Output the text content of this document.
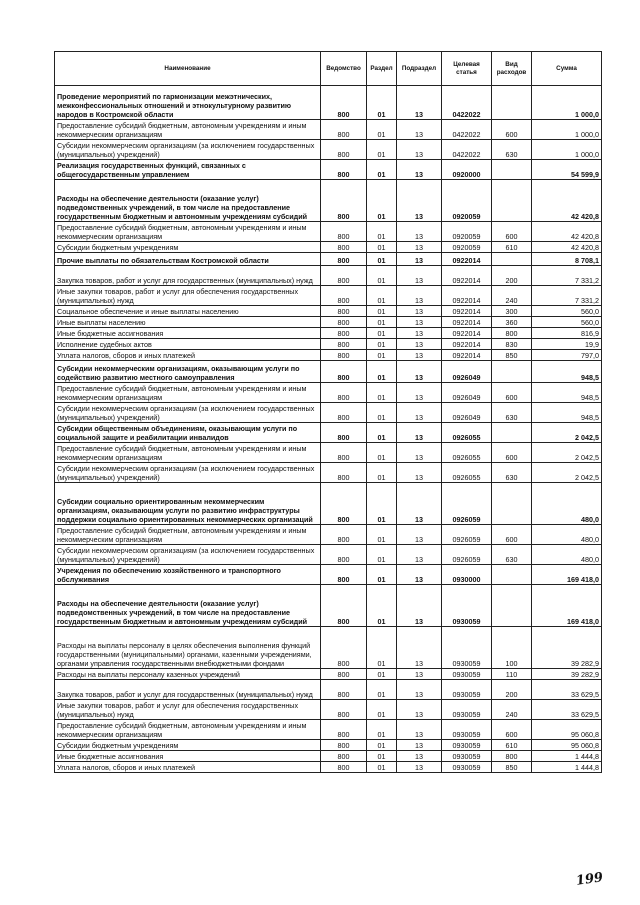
Наименование	Ведомство	Раздел	Подраздел	Целевая статья	Вид расходов	Сумма
Проведение мероприятий по гармонизации межэтнических, межконфессиональных отношений и этнокультурному развитию народов в Костромской области	800	01	13	0422022		1 000,0
Предоставление субсидий бюджетным, автономным учреждениям и иным некоммерческим организациям	800	01	13	0422022	600	1 000,0
Субсидии некоммерческим организациям (за исключением государственных (муниципальных) учреждений)	800	01	13	0422022	630	1 000,0
Реализация государственных функций, связанных с общегосударственным управлением	800	01	13	0920000		54 599,9
Расходы на обеспечение деятельности (оказание услуг) подведомственных учреждений, в том числе на предоставление государственным бюджетным и автономным учреждениям субсидий	800	01	13	0920059		42 420,8
Предоставление субсидий бюджетным, автономным учреждениям и иным некоммерческим организациям	800	01	13	0920059	600	42 420,8
Субсидии бюджетным учреждениям	800	01	13	0920059	610	42 420,8
Прочие выплаты по обязательствам Костромской области	800	01	13	0922014		8 708,1
Закупка товаров, работ и услуг для государственных (муниципальных) нужд	800	01	13	0922014	200	7 331,2
Иные закупки товаров, работ и услуг для обеспечения государственных (муниципальных) нужд	800	01	13	0922014	240	7 331,2
Социальное обеспечение и иные выплаты населению	800	01	13	0922014	300	560,0
Иные выплаты населению	800	01	13	0922014	360	560,0
Иные бюджетные ассигнования	800	01	13	0922014	800	816,9
Исполнение судебных актов	800	01	13	0922014	830	19,9
Уплата налогов, сборов и иных платежей	800	01	13	0922014	850	797,0
Субсидии некоммерческим организациям, оказывающим услуги по содействию развитию местного самоуправления	800	01	13	0926049		948,5
Предоставление субсидий бюджетным, автономным учреждениям и иным некоммерческим организациям	800	01	13	0926049	600	948,5
Субсидии некоммерческим организациям (за исключением государственных (муниципальных) учреждений)	800	01	13	0926049	630	948,5
Субсидии общественным объединениям, оказывающим услуги по социальной защите и реабилитации инвалидов	800	01	13	0926055		2 042,5
Предоставление субсидий бюджетным, автономным учреждениям и иным некоммерческим организациям	800	01	13	0926055	600	2 042,5
Субсидии некоммерческим организациям (за исключением государственных (муниципальных) учреждений)	800	01	13	0926055	630	2 042,5
Субсидии социально ориентированным некоммерческим организациям, оказывающим услуги по развитию инфраструктуры поддержки социально ориентированных некоммерческих организаций	800	01	13	0926059		480,0
Предоставление субсидий бюджетным, автономным учреждениям и иным некоммерческим организациям	800	01	13	0926059	600	480,0
Субсидии некоммерческим организациям (за исключением государственных (муниципальных) учреждений)	800	01	13	0926059	630	480,0
Учреждения по обеспечению хозяйственного и транспортного обслуживания	800	01	13	0930000		169 418,0
Расходы на обеспечение деятельности (оказание услуг) подведомственных учреждений, в том числе на предоставление государственным бюджетным и автономным учреждениям субсидий	800	01	13	0930059		169 418,0
Расходы на выплаты персоналу в целях обеспечения выполнения функций государственными (муниципальными) органами, казенными учреждениями, органами управления государственными внебюджетными фондами	800	01	13	0930059	100	39 282,9
Расходы на выплаты персоналу казенных учреждений	800	01	13	0930059	110	39 282,9
Закупка товаров, работ и услуг для государственных (муниципальных) нужд	800	01	13	0930059	200	33 629,5
Иные закупки товаров, работ и услуг для обеспечения государственных (муниципальных) нужд	800	01	13	0930059	240	33 629,5
Предоставление субсидий бюджетным, автономным учреждениям и иным некоммерческим организациям	800	01	13	0930059	600	95 060,8
Субсидии бюджетным учреждениям	800	01	13	0930059	610	95 060,8
Иные бюджетные ассигнования	800	01	13	0930059	800	1 444,8
Уплата налогов, сборов и иных платежей	800	01	13	0930059	850	1 444,8
199
